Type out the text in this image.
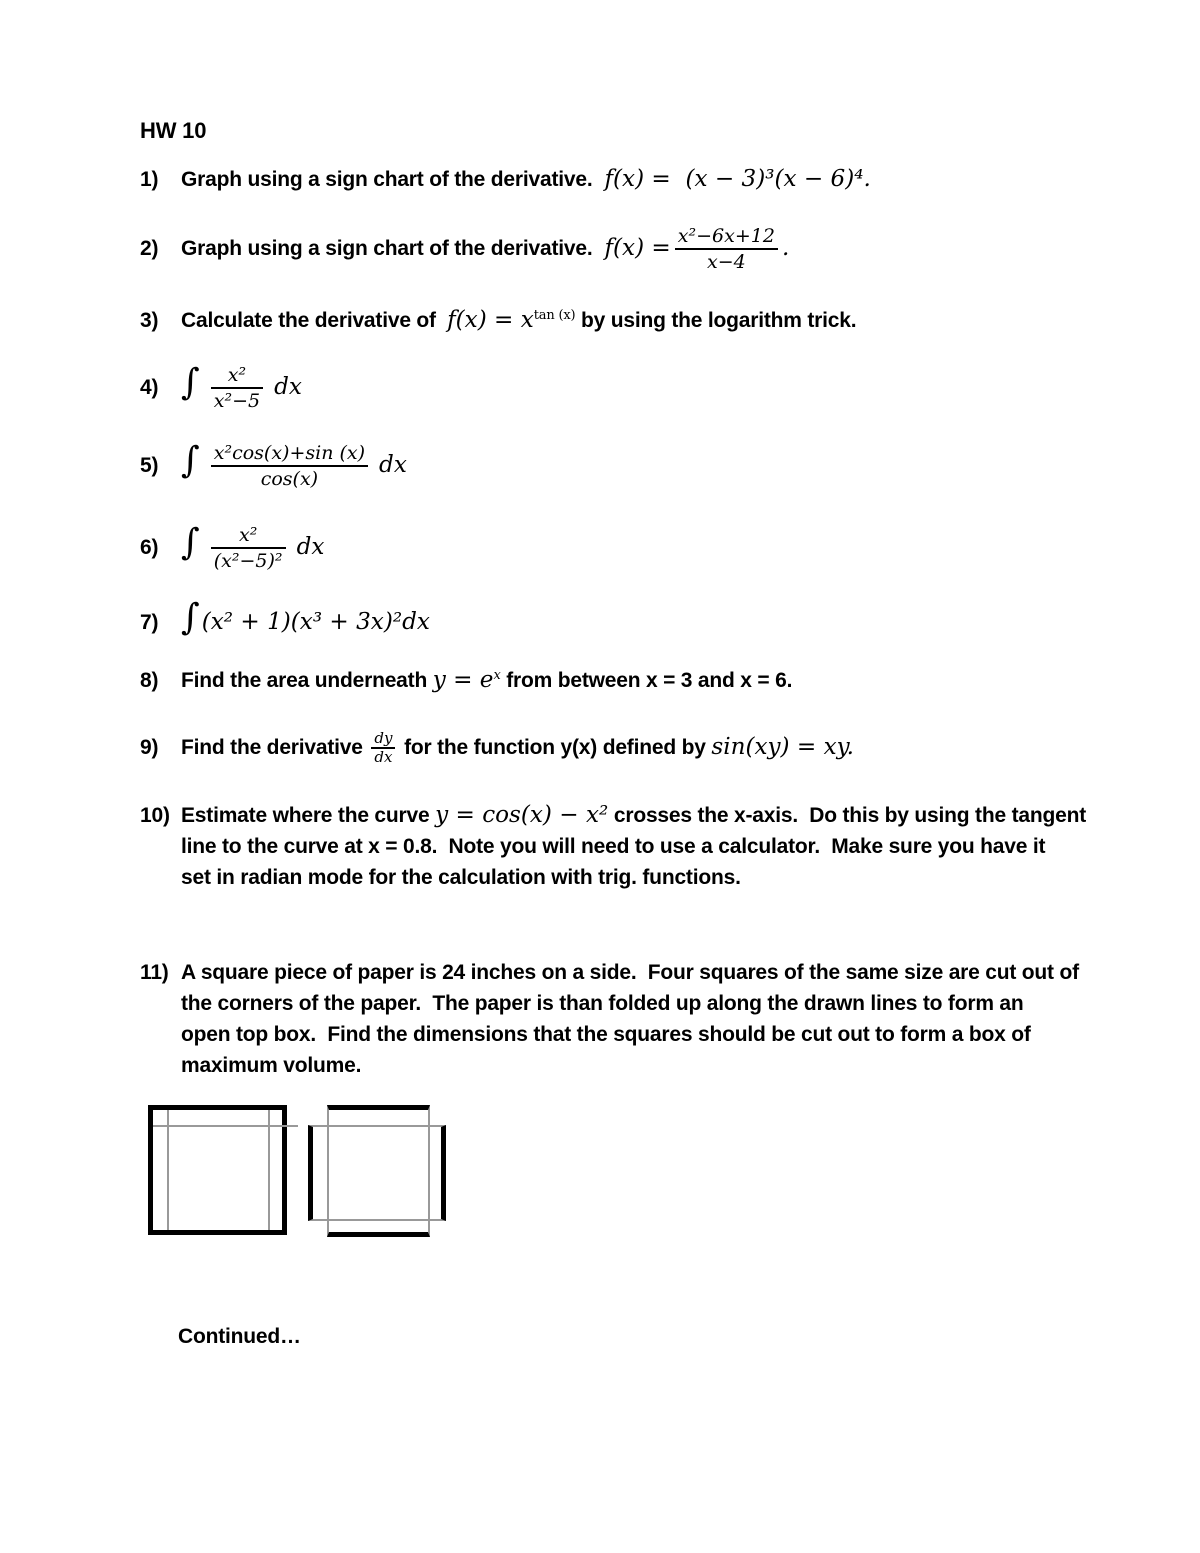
HW 10
1)	Graph using a sign chart of the derivative. f(x) =  (x − 3)³(x − 6)⁴.
2)	Graph using a sign chart of the derivative. $f(x) = \frac{\text{x²−6x+12}}{x-4}$ .
3)	Calculate the derivative of  $f(x) = x^{tan (x)}$ by using the logarithm trick.
4) ∫ $\frac{\text{x²}}{\text{x²−5}}$ dx
5) ∫ $\frac{\text{x²cos(x)+sin (x)}}{\cos(x)}$ dx
6) ∫ $\frac{\text{x²}}{\text{(x²−5)²}}$ dx
7) ∫(x² + 1)(x³ + 3x)²dx
8)	Find the area underneath $y = e^x$ from between x = 3 and x = 6.
9)	Find the derivative $\frac{dy}{dx}$ for the function y(x) defined by sin(xy) = xy.
10) Estimate where the curve y = cos(x) − x² crosses the x-axis.  Do this by using the tangent
line to the curve at x = 0.8.  Note you will need to use a calculator.  Make sure you have it
set in radian mode for the calculation with trig. functions.
11) A square piece of paper is 24 inches on a side.  Four squares of the same size are cut out of
the corners of the paper.  The paper is than folded up along the drawn lines to form an
open top box.  Find the dimensions that the squares should be cut out to form a box of
maximum volume.
Continued…
